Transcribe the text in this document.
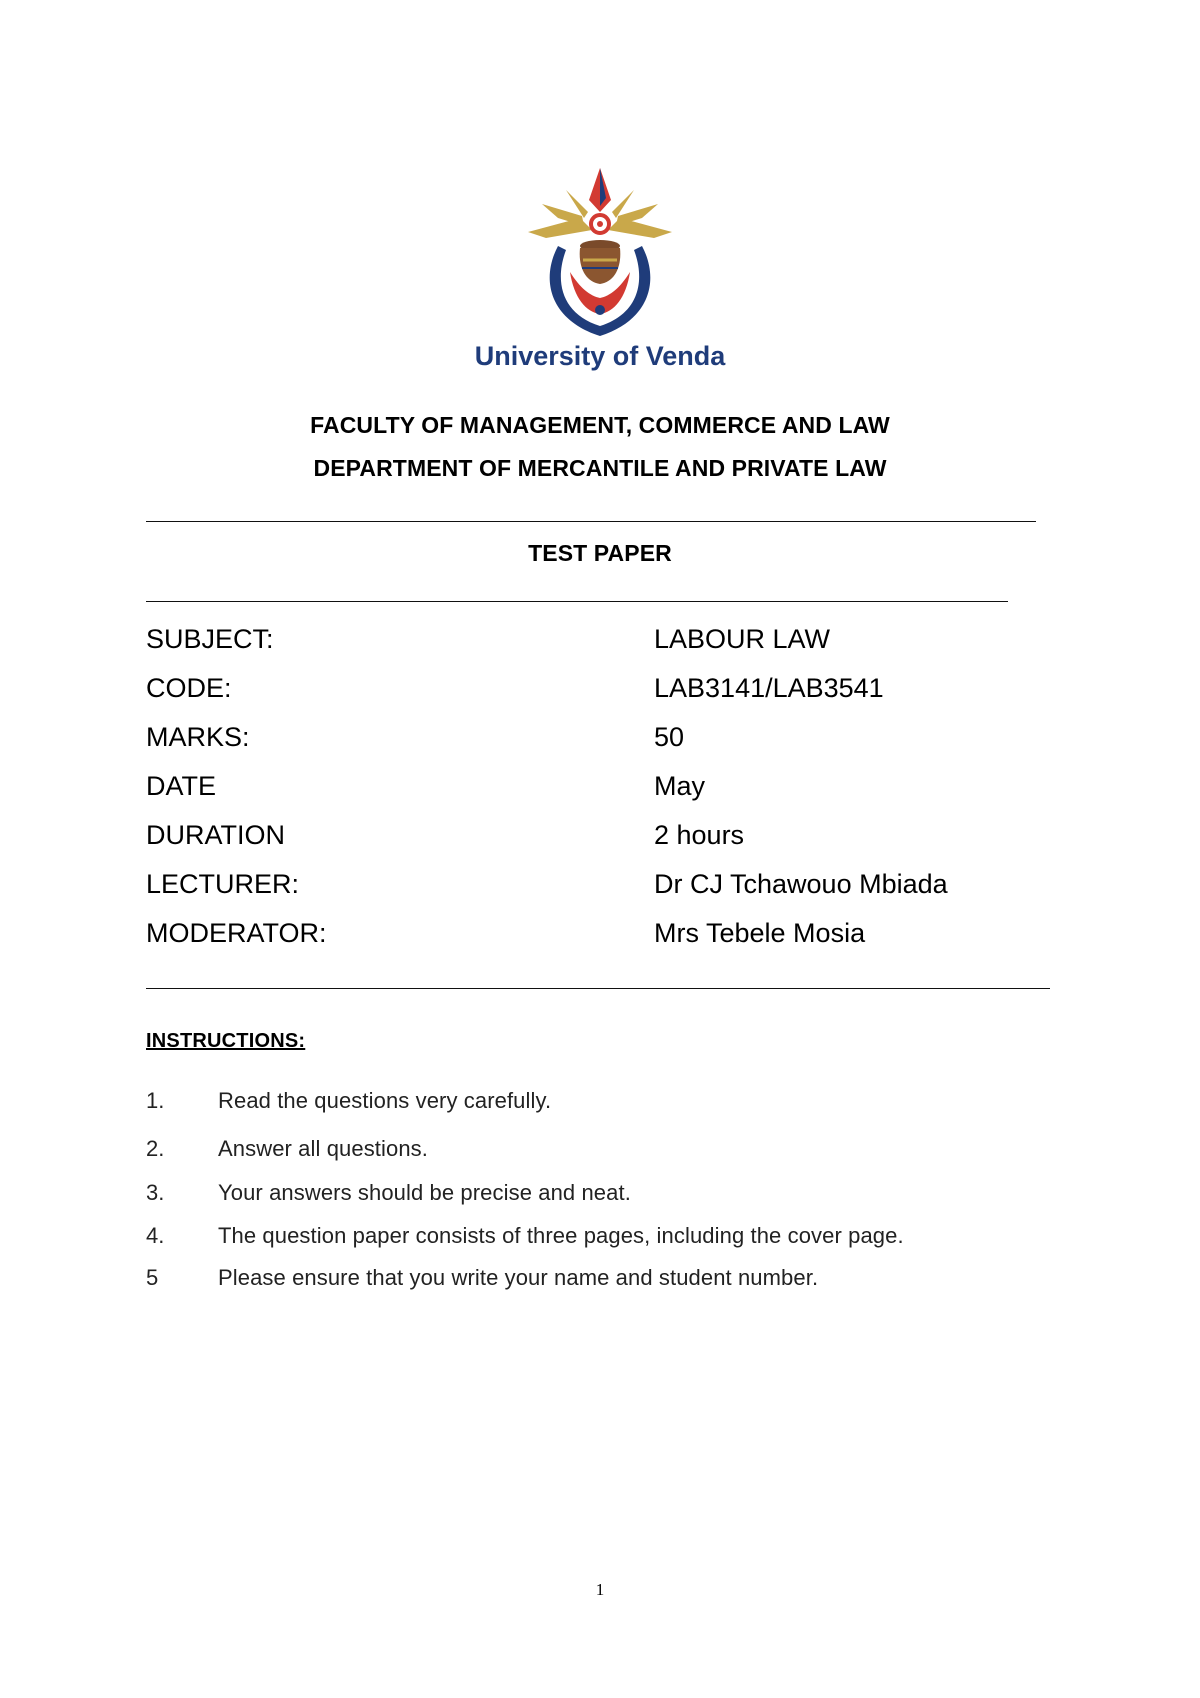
University of Venda
FACULTY OF MANAGEMENT, COMMERCE AND LAW
DEPARTMENT OF MERCANTILE AND PRIVATE LAW
TEST PAPER
SUBJECT:	LABOUR LAW
CODE:	LAB3141/LAB3541
MARKS:	50
DATE	May
DURATION	2 hours
LECTURER:	Dr CJ Tchawouo Mbiada
MODERATOR:	Mrs Tebele Mosia
INSTRUCTIONS:
1. Read the questions very carefully.
2. Answer all questions.
3. Your answers should be precise and neat.
4. The question paper consists of three pages, including the cover page.
5	Please ensure that you write your name and student number.
1
